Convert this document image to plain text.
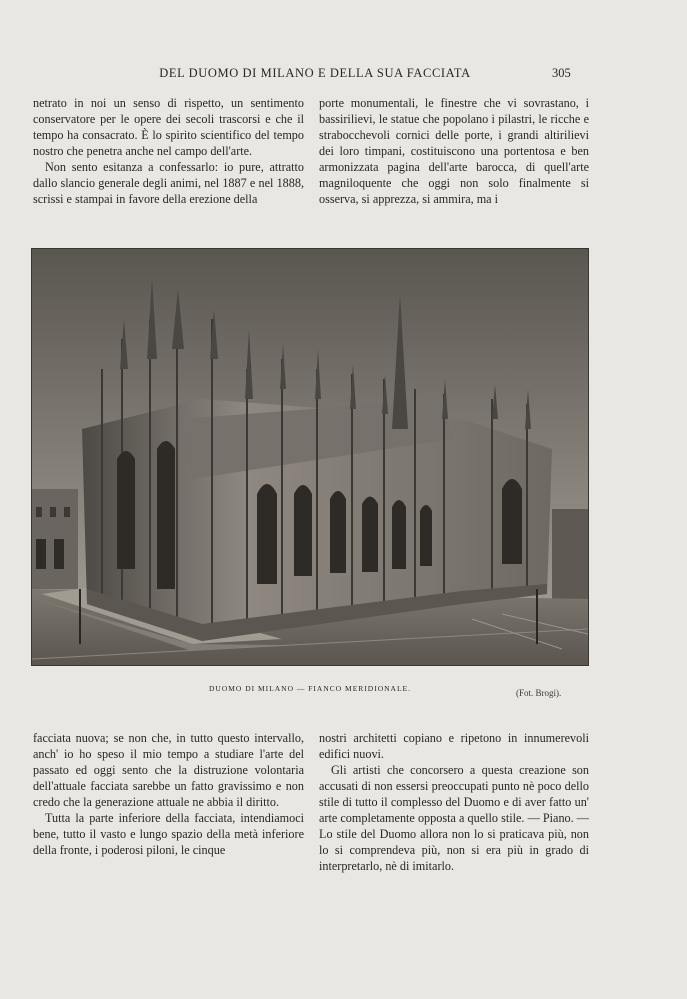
DEL DUOMO DI MILANO E DELLA SUA FACCIATA	305

netrato in noi un senso di rispetto, un sentimento conservatore per le opere dei secoli trascorsi e che il tempo ha consacrato. È lo spirito scientifico del tempo nostro che penetra anche nel campo dell'arte.

Non sento esitanza a confessarlo: io pure, attratto dallo slancio generale degli animi, nel 1887 e nel 1888, scrissi e stampai in favore della erezione della

porte monumentali, le finestre che vi sovrastano, i bassirilievi, le statue che popolano i pilastri, le ricche e strabocchevoli cornici delle porte, i grandi altirilievi dei loro timpani, costituiscono una portentosa e ben armonizzata pagina dell'arte barocca, di quell'arte magniloquente che oggi non solo finalmente si osserva, si apprezza, si ammira, ma i

DUOMO DI MILANO — FIANCO MERIDIONALE.	(Fot. Brogi).

facciata nuova; se non che, in tutto questo intervallo, anch' io ho speso il mio tempo a studiare l'arte del passato ed oggi sento che la distruzione volontaria dell'attuale facciata sarebbe un fatto gravissimo e non credo che la generazione attuale ne abbia il diritto.

Tutta la parte inferiore della facciata, intendiamoci bene, tutto il vasto e lungo spazio della metà inferiore della fronte, i poderosi piloni, le cinque

nostri architetti copiano e ripetono in innumerevoli edifici nuovi.

Gli artisti che concorsero a questa creazione son accusati di non essersi preoccupati punto nè poco dello stile di tutto il complesso del Duomo e di aver fatto un' arte completamente opposta a quello stile. — Piano. — Lo stile del Duomo allora non lo si praticava più, non lo si comprendeva più, non si era più in grado di interpretarlo, nè di imitarlo.
